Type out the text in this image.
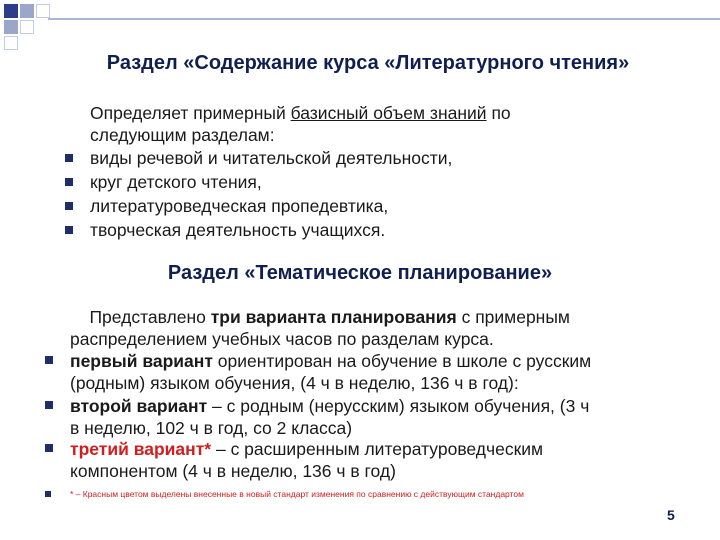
Раздел «Содержание курса «Литературного чтения»
Определяет примерный базисный объем знаний по
следующим разделам:
виды речевой и читательской деятельности,
круг детского чтения,
литературоведческая пропедевтика,
творческая деятельность учащихся.
Раздел «Тематическое планирование»
Представлено три варианта планирования с примерным
распределением учебных часов по разделам курса.
первый вариант ориентирован на обучение в школе с русским
(родным) языком обучения, (4 ч в неделю, 136 ч в год):
второй вариант – с родным (нерусским) языком обучения, (3 ч
в неделю, 102 ч в год, со 2 класса)
третий вариант* – с расширенным литературоведческим
компонентом (4 ч в неделю, 136 ч в год)
* – Красным цветом выделены внесенные в новый стандарт изменения по сравнению с действующим стандартом
5
